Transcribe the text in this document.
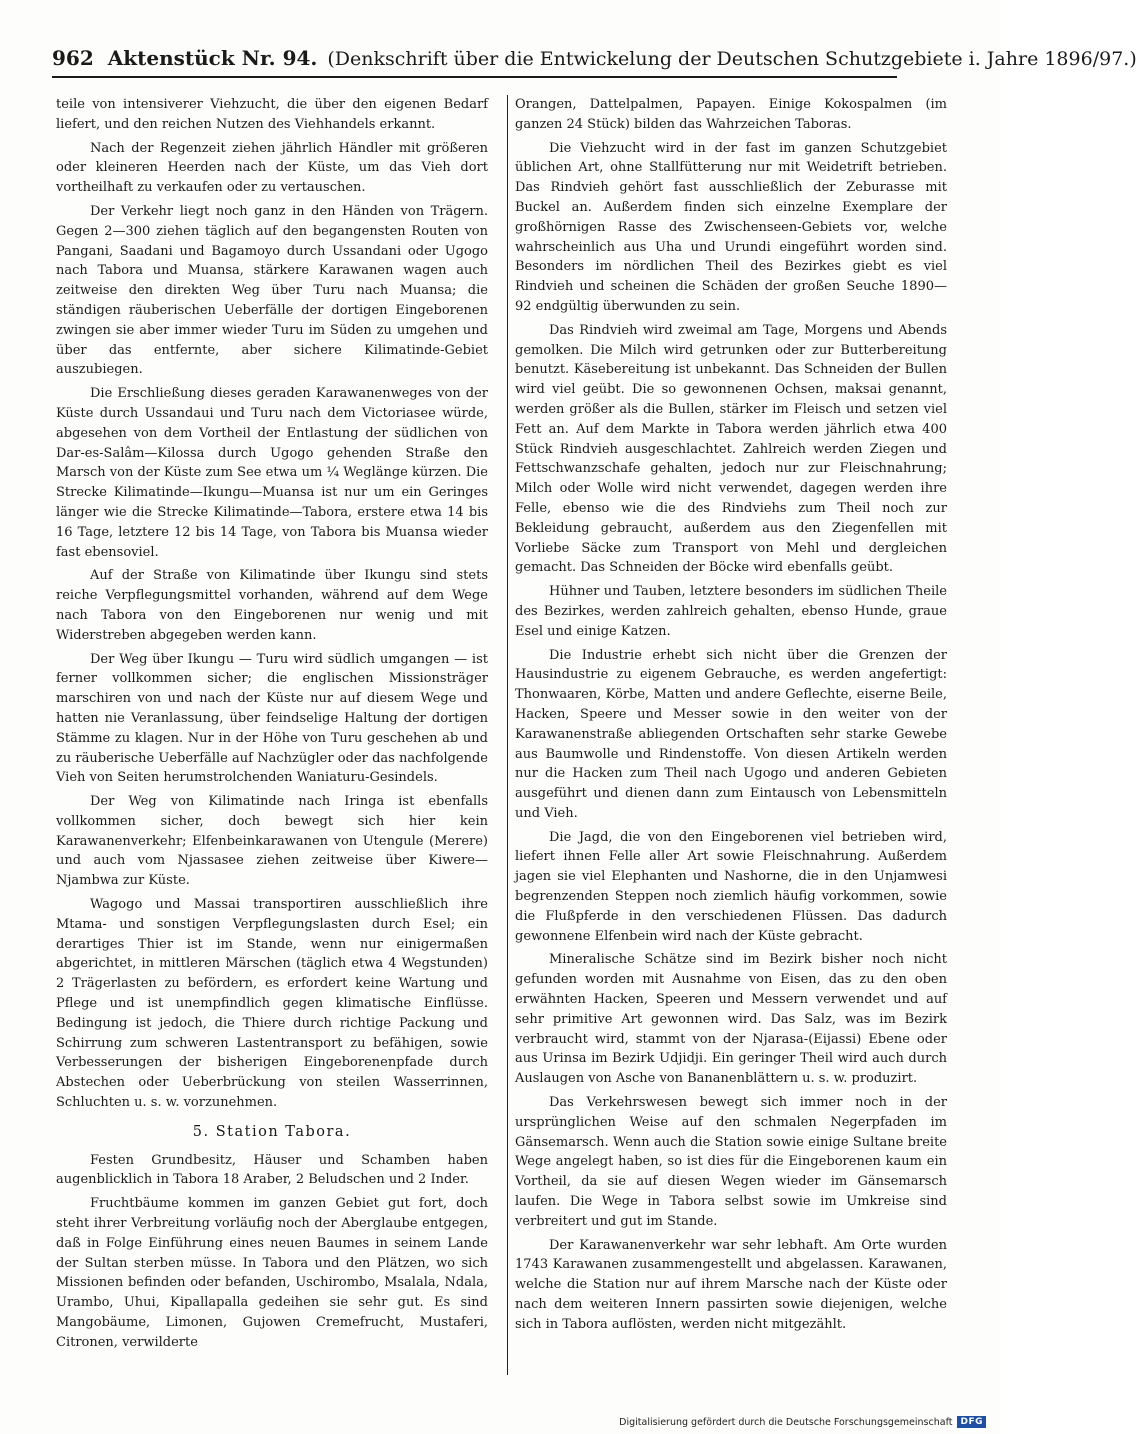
962 Aktenstück Nr. 94. (Denkschrift über die Entwickelung der Deutschen Schutzgebiete i. Jahre 1896/97.)

teile von intensiverer Viehzucht, die über den eigenen Bedarf liefert, und den reichen Nutzen des Viehhandels erkannt.

Nach der Regenzeit ziehen jährlich Händler mit größeren oder kleineren Heerden nach der Küste, um das Vieh dort vortheilhaft zu verkaufen oder zu vertauschen.

Der Verkehr liegt noch ganz in den Händen von Trägern. Gegen 2—300 ziehen täglich auf den begangensten Routen von Pangani, Saadani und Bagamoyo durch Ussandani oder Ugogo nach Tabora und Muansa, stärkere Karawanen wagen auch zeitweise den direkten Weg über Turu nach Muansa; die ständigen räuberischen Ueberfälle der dortigen Eingeborenen zwingen sie aber immer wieder Turu im Süden zu umgehen und über das entfernte, aber sichere Kilimatinde-Gebiet auszubiegen.

Die Erschließung dieses geraden Karawanenweges von der Küste durch Ussandaui und Turu nach dem Victoriasee würde, abgesehen von dem Vortheil der Entlastung der südlichen von Dar-es-Salâm—Kilossa durch Ugogo gehenden Straße den Marsch von der Küste zum See etwa um ¼ Weglänge kürzen. Die Strecke Kilimatinde—Ikungu—Muansa ist nur um ein Geringes länger wie die Strecke Kilimatinde—Tabora, erstere etwa 14 bis 16 Tage, letztere 12 bis 14 Tage, von Tabora bis Muansa wieder fast ebensoviel.

Auf der Straße von Kilimatinde über Ikungu sind stets reiche Verpflegungsmittel vorhanden, während auf dem Wege nach Tabora von den Eingeborenen nur wenig und mit Widerstreben abgegeben werden kann.

Der Weg über Ikungu — Turu wird südlich umgangen — ist ferner vollkommen sicher; die englischen Missionsträger marschiren von und nach der Küste nur auf diesem Wege und hatten nie Veranlassung, über feindselige Haltung der dortigen Stämme zu klagen. Nur in der Höhe von Turu geschehen ab und zu räuberische Ueberfälle auf Nachzügler oder das nachfolgende Vieh von Seiten herumstrolchenden Waniaturu-Gesindels.

Der Weg von Kilimatinde nach Iringa ist ebenfalls vollkommen sicher, doch bewegt sich hier kein Karawanenverkehr; Elfenbeinkarawanen von Utengule (Merere) und auch vom Njassasee ziehen zeitweise über Kiwere—Njambwa zur Küste.

Wagogo und Massai transportiren ausschließlich ihre Mtama- und sonstigen Verpflegungslasten durch Esel; ein derartiges Thier ist im Stande, wenn nur einigermaßen abgerichtet, in mittleren Märschen (täglich etwa 4 Wegstunden) 2 Trägerlasten zu befördern, es erfordert keine Wartung und Pflege und ist unempfindlich gegen klimatische Einflüsse. Bedingung ist jedoch, die Thiere durch richtige Packung und Schirrung zum schweren Lastentransport zu befähigen, sowie Verbesserungen der bisherigen Eingeborenenpfade durch Abstechen oder Ueberbrückung von steilen Wasserrinnen, Schluchten u. s. w. vorzunehmen.

5. Station Tabora.

Festen Grundbesitz, Häuser und Schamben haben augenblicklich in Tabora 18 Araber, 2 Beludschen und 2 Inder.

Fruchtbäume kommen im ganzen Gebiet gut fort, doch steht ihrer Verbreitung vorläufig noch der Aberglaube entgegen, daß in Folge Einführung eines neuen Baumes in seinem Lande der Sultan sterben müsse. In Tabora und den Plätzen, wo sich Missionen befinden oder befanden, Uschirombo, Msalala, Ndala, Urambo, Uhui, Kipallapalla gedeihen sie sehr gut. Es sind Mangobäume, Limonen, Gujowen Cremefrucht, Mustaferi, Citronen, verwilderte

Orangen, Dattelpalmen, Papayen. Einige Kokospalmen (im ganzen 24 Stück) bilden das Wahrzeichen Taboras.

Die Viehzucht wird in der fast im ganzen Schutzgebiet üblichen Art, ohne Stallfütterung nur mit Weidetrift betrieben. Das Rindvieh gehört fast ausschließlich der Zeburasse mit Buckel an. Außerdem finden sich einzelne Exemplare der großhörnigen Rasse des Zwischenseen-Gebiets vor, welche wahrscheinlich aus Uha und Urundi eingeführt worden sind. Besonders im nördlichen Theil des Bezirkes giebt es viel Rindvieh und scheinen die Schäden der großen Seuche 1890—92 endgültig überwunden zu sein.

Das Rindvieh wird zweimal am Tage, Morgens und Abends gemolken. Die Milch wird getrunken oder zur Butterbereitung benutzt. Käsebereitung ist unbekannt. Das Schneiden der Bullen wird viel geübt. Die so gewonnenen Ochsen, maksai genannt, werden größer als die Bullen, stärker im Fleisch und setzen viel Fett an. Auf dem Markte in Tabora werden jährlich etwa 400 Stück Rindvieh ausgeschlachtet. Zahlreich werden Ziegen und Fettschwanzschafe gehalten, jedoch nur zur Fleischnahrung; Milch oder Wolle wird nicht verwendet, dagegen werden ihre Felle, ebenso wie die des Rindviehs zum Theil noch zur Bekleidung gebraucht, außerdem aus den Ziegenfellen mit Vorliebe Säcke zum Transport von Mehl und dergleichen gemacht. Das Schneiden der Böcke wird ebenfalls geübt.

Hühner und Tauben, letztere besonders im südlichen Theile des Bezirkes, werden zahlreich gehalten, ebenso Hunde, graue Esel und einige Katzen.

Die Industrie erhebt sich nicht über die Grenzen der Hausindustrie zu eigenem Gebrauche, es werden angefertigt: Thonwaaren, Körbe, Matten und andere Geflechte, eiserne Beile, Hacken, Speere und Messer sowie in den weiter von der Karawanenstraße abliegenden Ortschaften sehr starke Gewebe aus Baumwolle und Rindenstoffe. Von diesen Artikeln werden nur die Hacken zum Theil nach Ugogo und anderen Gebieten ausgeführt und dienen dann zum Eintausch von Lebensmitteln und Vieh.

Die Jagd, die von den Eingeborenen viel betrieben wird, liefert ihnen Felle aller Art sowie Fleischnahrung. Außerdem jagen sie viel Elephanten und Nashorne, die in den Unjamwesi begrenzenden Steppen noch ziemlich häufig vorkommen, sowie die Flußpferde in den verschiedenen Flüssen. Das dadurch gewonnene Elfenbein wird nach der Küste gebracht.

Mineralische Schätze sind im Bezirk bisher noch nicht gefunden worden mit Ausnahme von Eisen, das zu den oben erwähnten Hacken, Speeren und Messern verwendet und auf sehr primitive Art gewonnen wird. Das Salz, was im Bezirk verbraucht wird, stammt von der Njarasa-(Eijassi) Ebene oder aus Urinsa im Bezirk Udjidji. Ein geringer Theil wird auch durch Auslaugen von Asche von Bananenblättern u. s. w. produzirt.

Das Verkehrswesen bewegt sich immer noch in der ursprünglichen Weise auf den schmalen Negerpfaden im Gänsemarsch. Wenn auch die Station sowie einige Sultane breite Wege angelegt haben, so ist dies für die Eingeborenen kaum ein Vortheil, da sie auf diesen Wegen wieder im Gänsemarsch laufen. Die Wege in Tabora selbst sowie im Umkreise sind verbreitert und gut im Stande.

Der Karawanenverkehr war sehr lebhaft. Am Orte wurden 1743 Karawanen zusammengestellt und abgelassen. Karawanen, welche die Station nur auf ihrem Marsche nach der Küste oder nach dem weiteren Innern passirten sowie diejenigen, welche sich in Tabora auflösten, werden nicht mitgezählt.

Digitalisierung gefördert durch die Deutsche Forschungsgemeinschaft DFG
